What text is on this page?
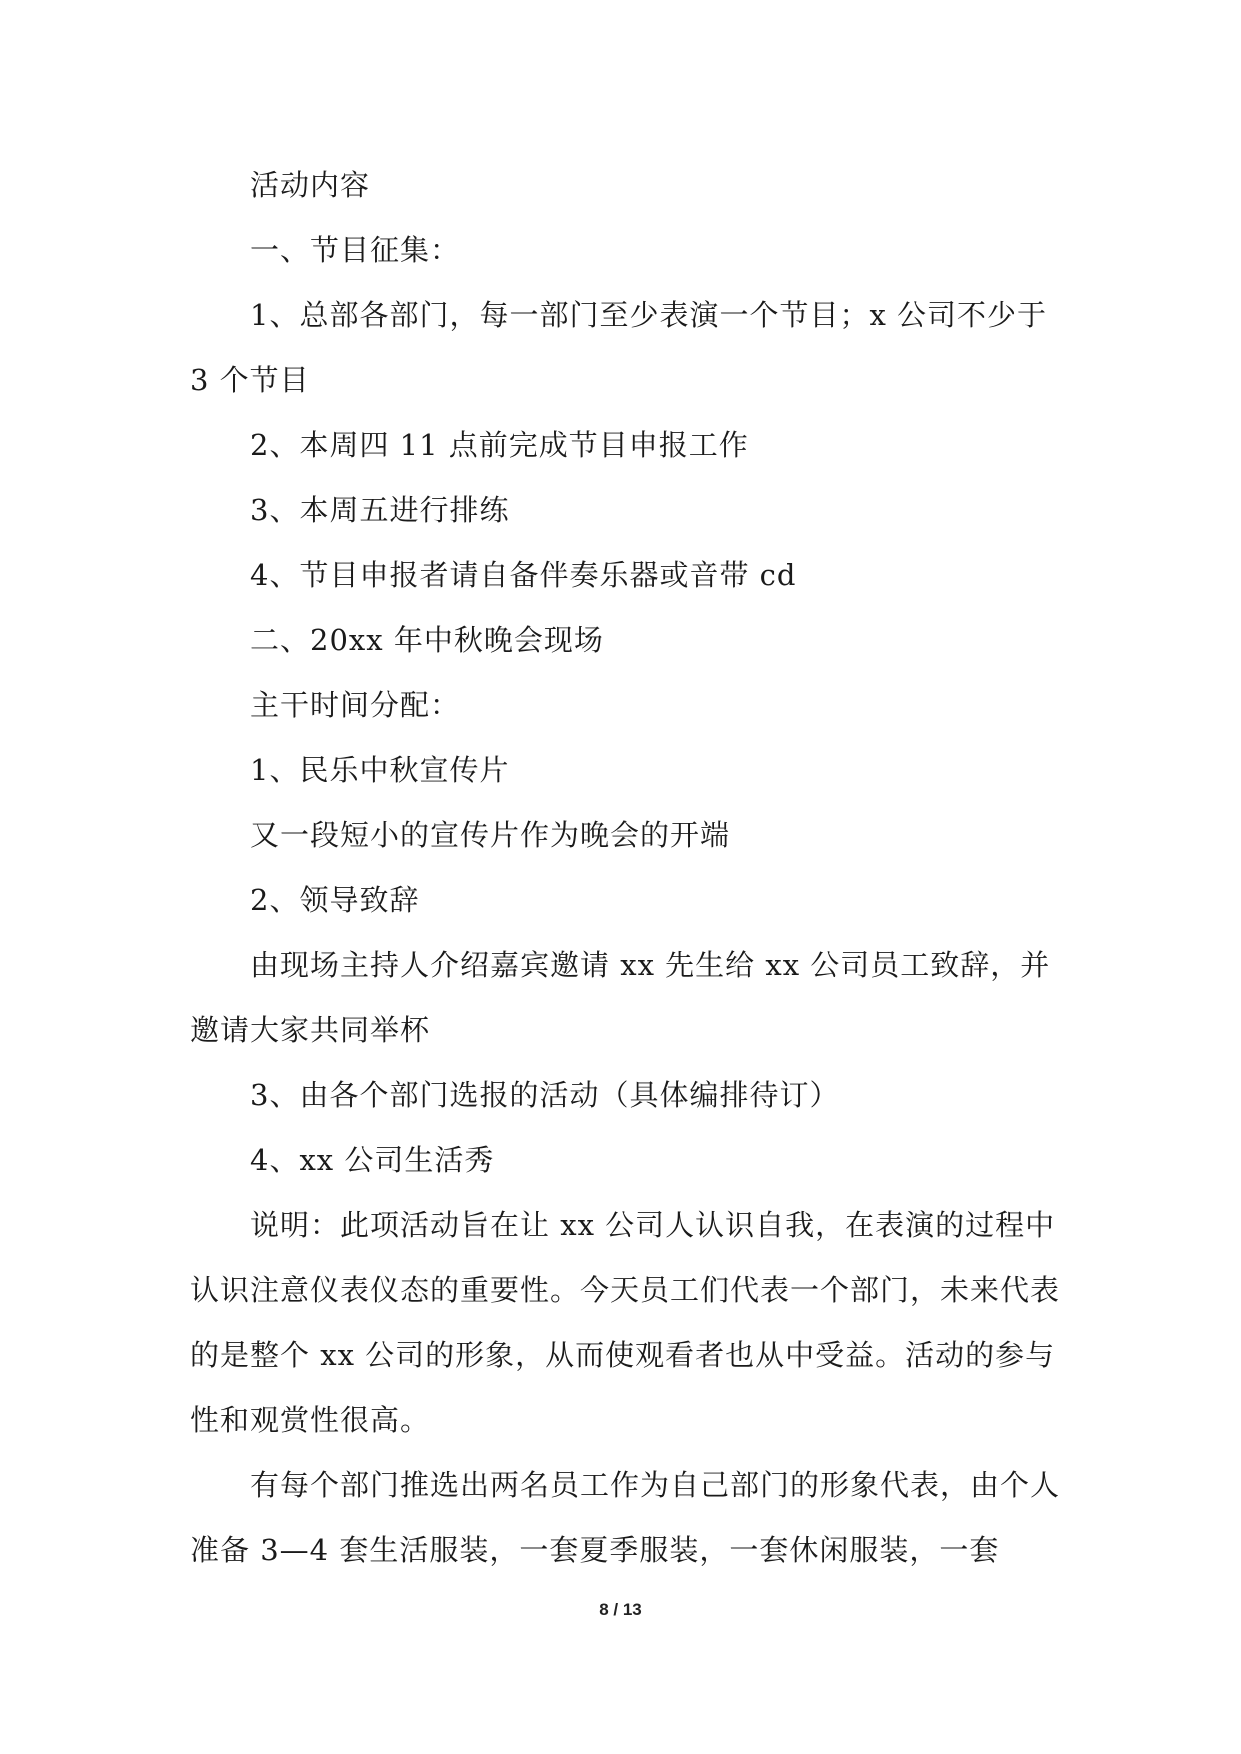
活动内容

一、节目征集：

1、总部各部门，每一部门至少表演一个节目；x 公司不少于 3 个节目

2、本周四 11 点前完成节目申报工作

3、本周五进行排练

4、节目申报者请自备伴奏乐器或音带 cd

二、20xx 年中秋晚会现场

主干时间分配：

1、民乐中秋宣传片

又一段短小的宣传片作为晚会的开端

2、领导致辞

由现场主持人介绍嘉宾邀请 xx 先生给 xx 公司员工致辞，并邀请大家共同举杯

3、由各个部门选报的活动（具体编排待订）

4、xx 公司生活秀

说明：此项活动旨在让 xx 公司人认识自我，在表演的过程中认识注意仪表仪态的重要性。今天员工们代表一个部门，未来代表的是整个 xx 公司的形象，从而使观看者也从中受益。活动的参与性和观赏性很高。

有每个部门推选出两名员工作为自己部门的形象代表，由个人准备 3—4 套生活服装，一套夏季服装，一套休闲服装，一套

8 / 13
